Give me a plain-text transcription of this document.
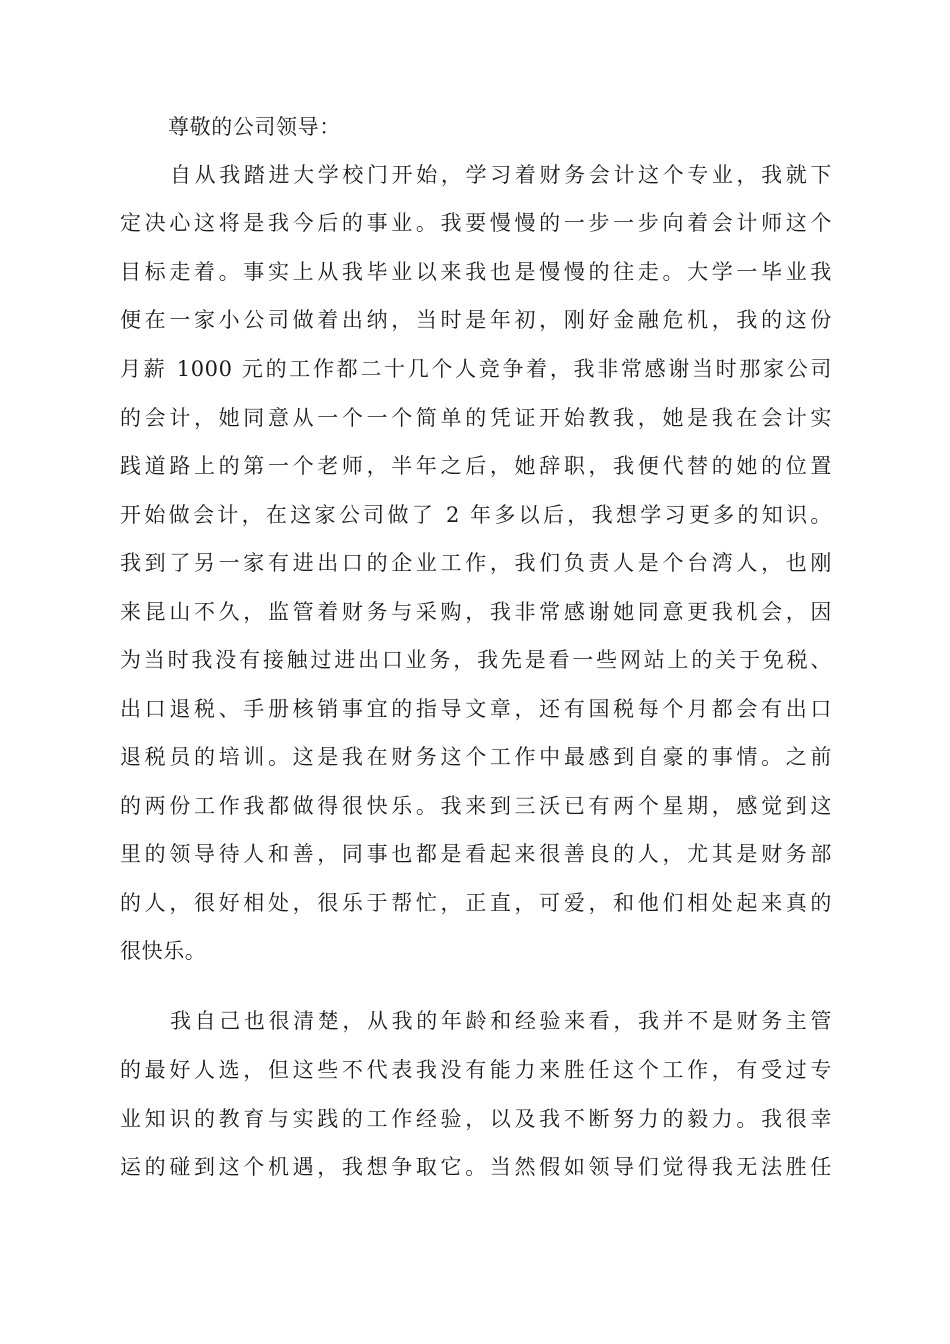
尊敬的公司领导：

自从我踏进大学校门开始，学习着财务会计这个专业，我就下

定决心这将是我今后的事业。我要慢慢的一步一步向着会计师这个

目标走着。事实上从我毕业以来我也是慢慢的往走。大学一毕业我

便在一家小公司做着出纳，当时是年初，刚好金融危机，我的这份

月薪 1000 元的工作都二十几个人竞争着，我非常感谢当时那家公司

的会计，她同意从一个一个简单的凭证开始教我，她是我在会计实

践道路上的第一个老师，半年之后，她辞职，我便代替的她的位置

开始做会计，在这家公司做了 2 年多以后，我想学习更多的知识。

我到了另一家有进出口的企业工作，我们负责人是个台湾人，也刚

来昆山不久，监管着财务与采购，我非常感谢她同意更我机会，因

为当时我没有接触过进出口业务，我先是看一些网站上的关于免税、

出口退税、手册核销事宜的指导文章，还有国税每个月都会有出口

退税员的培训。这是我在财务这个工作中最感到自豪的事情。之前

的两份工作我都做得很快乐。我来到三沃已有两个星期，感觉到这

里的领导待人和善，同事也都是看起来很善良的人，尤其是财务部

的人，很好相处，很乐于帮忙，正直，可爱，和他们相处起来真的

很快乐。

我自己也很清楚，从我的年龄和经验来看，我并不是财务主管

的最好人选，但这些不代表我没有能力来胜任这个工作，有受过专

业知识的教育与实践的工作经验，以及我不断努力的毅力。我很幸

运的碰到这个机遇，我想争取它。当然假如领导们觉得我无法胜任
